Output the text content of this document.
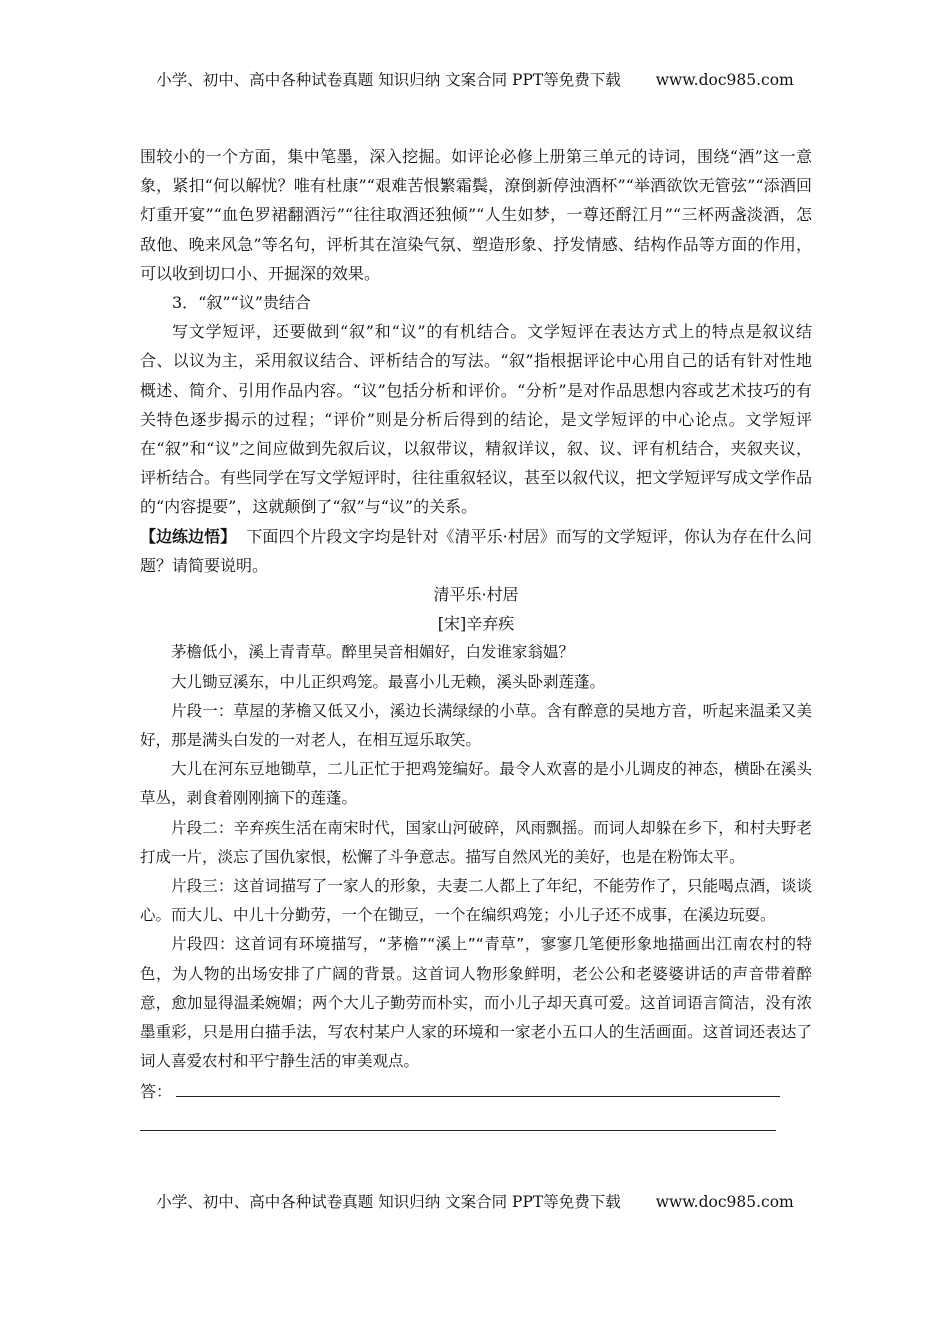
小学、初中、高中各种试卷真题 知识归纳 文案合同 PPT等免费下载 www.doc985.com

围较小的一个方面，集中笔墨，深入挖掘。如评论必修上册第三单元的诗词，围绕“酒”这一意象，紧扣“何以解忧？唯有杜康”“艰难苦恨繁霜鬓，潦倒新停浊酒杯”“举酒欲饮无管弦”“添酒回灯重开宴”“血色罗裙翻酒污”“往往取酒还独倾”“人生如梦，一尊还酹江月”“三杯两盏淡酒，怎敌他、晚来风急”等名句，评析其在渲染气氛、塑造形象、抒发情感、结构作品等方面的作用，可以收到切口小、开掘深的效果。

3．“叙”“议”贵结合

写文学短评，还要做到“叙”和“议”的有机结合。文学短评在表达方式上的特点是叙议结合、以议为主，采用叙议结合、评析结合的写法。“叙”指根据评论中心用自己的话有针对性地概述、简介、引用作品内容。“议”包括分析和评价。“分析”是对作品思想内容或艺术技巧的有关特色逐步揭示的过程；“评价”则是分析后得到的结论，是文学短评的中心论点。文学短评在“叙”和“议”之间应做到先叙后议，以叙带议，精叙详议，叙、议、评有机结合，夹叙夹议，评析结合。有些同学在写文学短评时，往往重叙轻议，甚至以叙代议，把文学短评写成文学作品的“内容提要”，这就颠倒了“叙”与“议”的关系。

【边练边悟】 下面四个片段文字均是针对《清平乐·村居》而写的文学短评，你认为存在什么问题？请简要说明。

清平乐·村居

[宋]辛弃疾

茅檐低小，溪上青青草。醉里吴音相媚好，白发谁家翁媪？

大儿锄豆溪东，中儿正织鸡笼。最喜小儿无赖，溪头卧剥莲蓬。

片段一：草屋的茅檐又低又小，溪边长满绿绿的小草。含有醉意的吴地方音，听起来温柔又美好，那是满头白发的一对老人，在相互逗乐取笑。

大儿在河东豆地锄草，二儿正忙于把鸡笼编好。最令人欢喜的是小儿调皮的神态，横卧在溪头草丛，剥食着刚刚摘下的莲蓬。

片段二：辛弃疾生活在南宋时代，国家山河破碎，风雨飘摇。而词人却躲在乡下，和村夫野老打成一片，淡忘了国仇家恨，松懈了斗争意志。描写自然风光的美好，也是在粉饰太平。

片段三：这首词描写了一家人的形象，夫妻二人都上了年纪，不能劳作了，只能喝点酒，谈谈心。而大儿、中儿十分勤劳，一个在锄豆，一个在编织鸡笼；小儿子还不成事，在溪边玩耍。

片段四：这首词有环境描写，“茅檐”“溪上”“青草”，寥寥几笔便形象地描画出江南农村的特色，为人物的出场安排了广阔的背景。这首词人物形象鲜明，老公公和老婆婆讲话的声音带着醉意，愈加显得温柔婉媚；两个大儿子勤劳而朴实，而小儿子却天真可爱。这首词语言简洁，没有浓墨重彩，只是用白描手法，写农村某户人家的环境和一家老小五口人的生活画面。这首词还表达了词人喜爱农村和平宁静生活的审美观点。

答：

小学、初中、高中各种试卷真题 知识归纳 文案合同 PPT等免费下载 www.doc985.com
